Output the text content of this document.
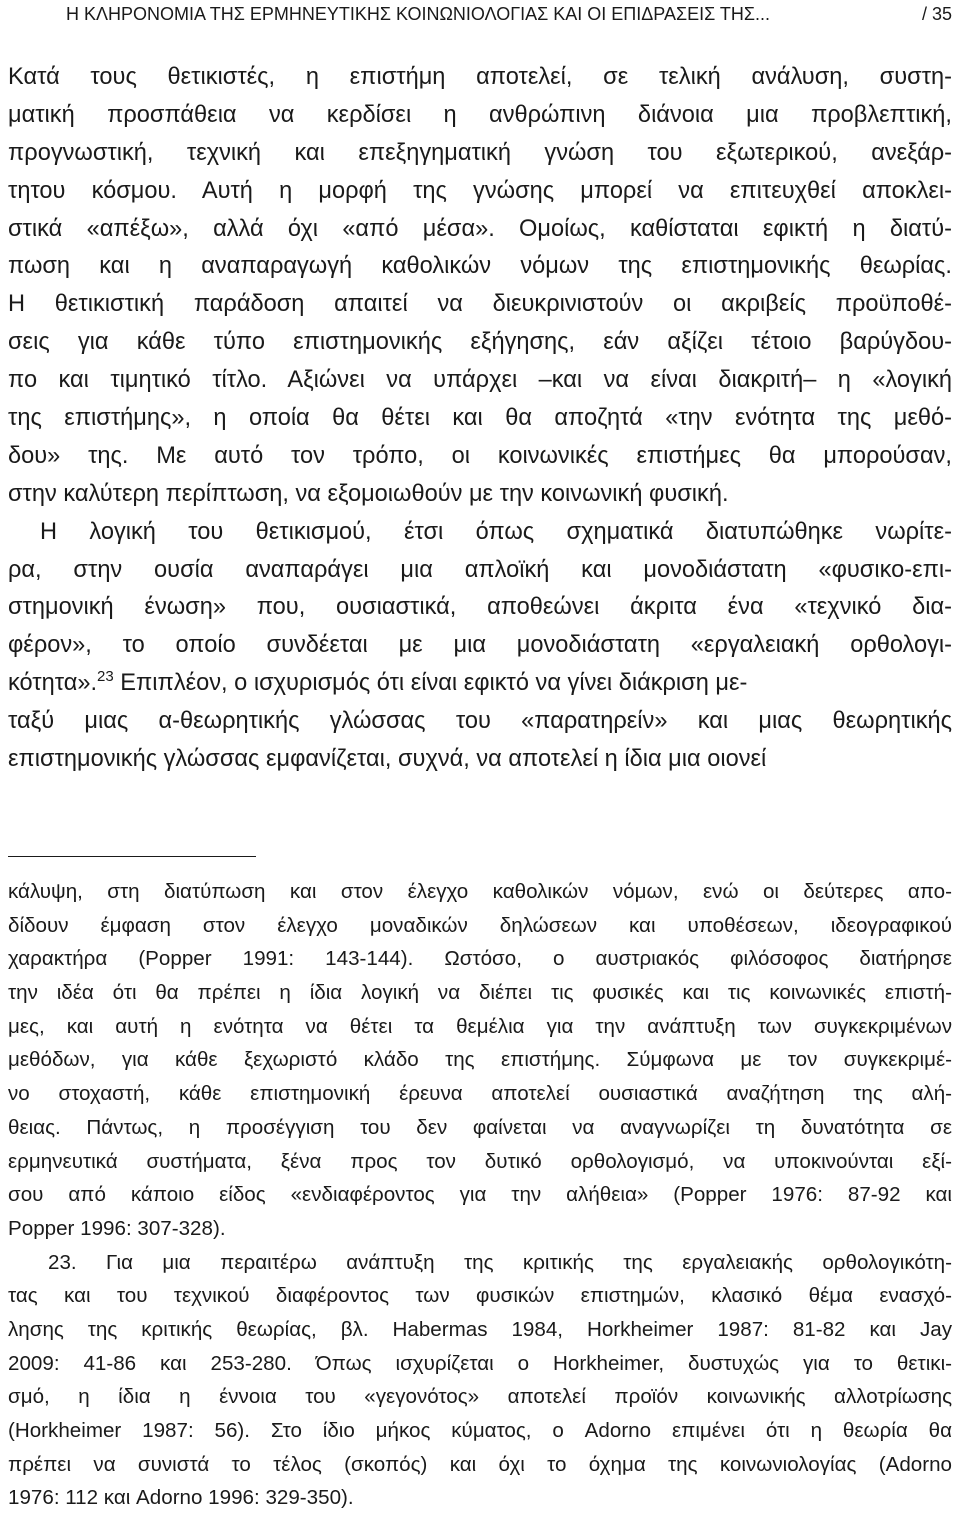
Η ΚΛΗΡΟΝΟΜΙΑ ΤΗΣ ΕΡΜΗΝΕΥΤΙΚΗΣ ΚΟΙΝΩΝΙΟΛΟΓΙΑΣ ΚΑΙ ΟΙ ΕΠΙΔΡΑΣΕΙΣ ΤΗΣ...	/ 35
Κατά τους θετικιστές, η επιστήμη αποτελεί, σε τελική ανάλυση, συστη-
ματική προσπάθεια να κερδίσει η ανθρώπινη διάνοια μια προβλεπτική,
προγνωστική, τεχνική και επεξηγηματική γνώση του εξωτερικού, ανεξάρ-
τητου κόσμου. Αυτή η μορφή της γνώσης μπορεί να επιτευχθεί αποκλει-
στικά «απέξω», αλλά όχι «από μέσα». Ομοίως, καθίσταται εφικτή η διατύ-
πωση και η αναπαραγωγή καθολικών νόμων της επιστημονικής θεωρίας.
Η θετικιστική παράδοση απαιτεί να διευκρινιστούν οι ακριβείς προϋποθέ-
σεις για κάθε τύπο επιστημονικής εξήγησης, εάν αξίζει τέτοιο βαρύγδου-
πο και τιμητικό τίτλο. Αξιώνει να υπάρχει –και να είναι διακριτή– η «λογική
της επιστήμης», η οποία θα θέτει και θα αποζητά «την ενότητα της μεθό-
δου» της. Με αυτό τον τρόπο, οι κοινωνικές επιστήμες θα μπορούσαν,
στην καλύτερη περίπτωση, να εξομοιωθούν με την κοινωνική φυσική.
Η λογική του θετικισμού, έτσι όπως σχηματικά διατυπώθηκε νωρίτε-
ρα, στην ουσία αναπαράγει μια απλοϊκή και μονοδιάστατη «φυσικο-επι-
στημονική ένωση» που, ουσιαστικά, αποθεώνει άκριτα ένα «τεχνικό δια-
φέρον», το οποίο συνδέεται με μια μονοδιάστατη «εργαλειακή ορθολογι-
κότητα».$^{23}$ Επιπλέον, ο ισχυρισμός ότι είναι εφικτό να γίνει διάκριση με-
ταξύ μιας α-θεωρητικής γλώσσας του «παρατηρείν» και μιας θεωρητικής
επιστημονικής γλώσσας εμφανίζεται, συχνά, να αποτελεί η ίδια μια οιονεί
κάλυψη, στη διατύπωση και στον έλεγχο καθολικών νόμων, ενώ οι δεύτερες απο-
δίδουν έμφαση στον έλεγχο μοναδικών δηλώσεων και υποθέσεων, ιδεογραφικού
χαρακτήρα (Popper 1991: 143-144). Ωστόσο, ο αυστριακός φιλόσοφος διατήρησε
την ιδέα ότι θα πρέπει η ίδια λογική να διέπει τις φυσικές και τις κοινωνικές επιστή-
μες, και αυτή η ενότητα να θέτει τα θεμέλια για την ανάπτυξη των συγκεκριμένων
μεθόδων, για κάθε ξεχωριστό κλάδο της επιστήμης. Σύμφωνα με τον συγκεκριμέ-
νο στοχαστή, κάθε επιστημονική έρευνα αποτελεί ουσιαστικά αναζήτηση της αλή-
θειας. Πάντως, η προσέγγιση του δεν φαίνεται να αναγνωρίζει τη δυνατότητα σε
ερμηνευτικά συστήματα, ξένα προς τον δυτικό ορθολογισμό, να υποκινούνται εξί-
σου από κάποιο είδος «ενδιαφέροντος για την αλήθεια» (Popper 1976: 87-92 και
Popper 1996: 307-328).
23. Για μια περαιτέρω ανάπτυξη της κριτικής της εργαλειακής ορθολογικότη-
τας και του τεχνικού διαφέροντος των φυσικών επιστημών, κλασικό θέμα ενασχό-
λησης της κριτικής θεωρίας, βλ. Habermas 1984, Horkheimer 1987: 81-82 και Jay
2009: 41-86 και 253-280. Όπως ισχυρίζεται ο Horkheimer, δυστυχώς για το θετικι-
σμό, η ίδια η έννοια του «γεγονότος» αποτελεί προϊόν κοινωνικής αλλοτρίωσης
(Horkheimer 1987: 56). Στο ίδιο μήκος κύματος, ο Adorno επιμένει ότι η θεωρία θα
πρέπει να συνιστά το τέλος (σκοπός) και όχι το όχημα της κοινωνιολογίας (Adorno
1976: 112 και Adorno 1996: 329-350).
